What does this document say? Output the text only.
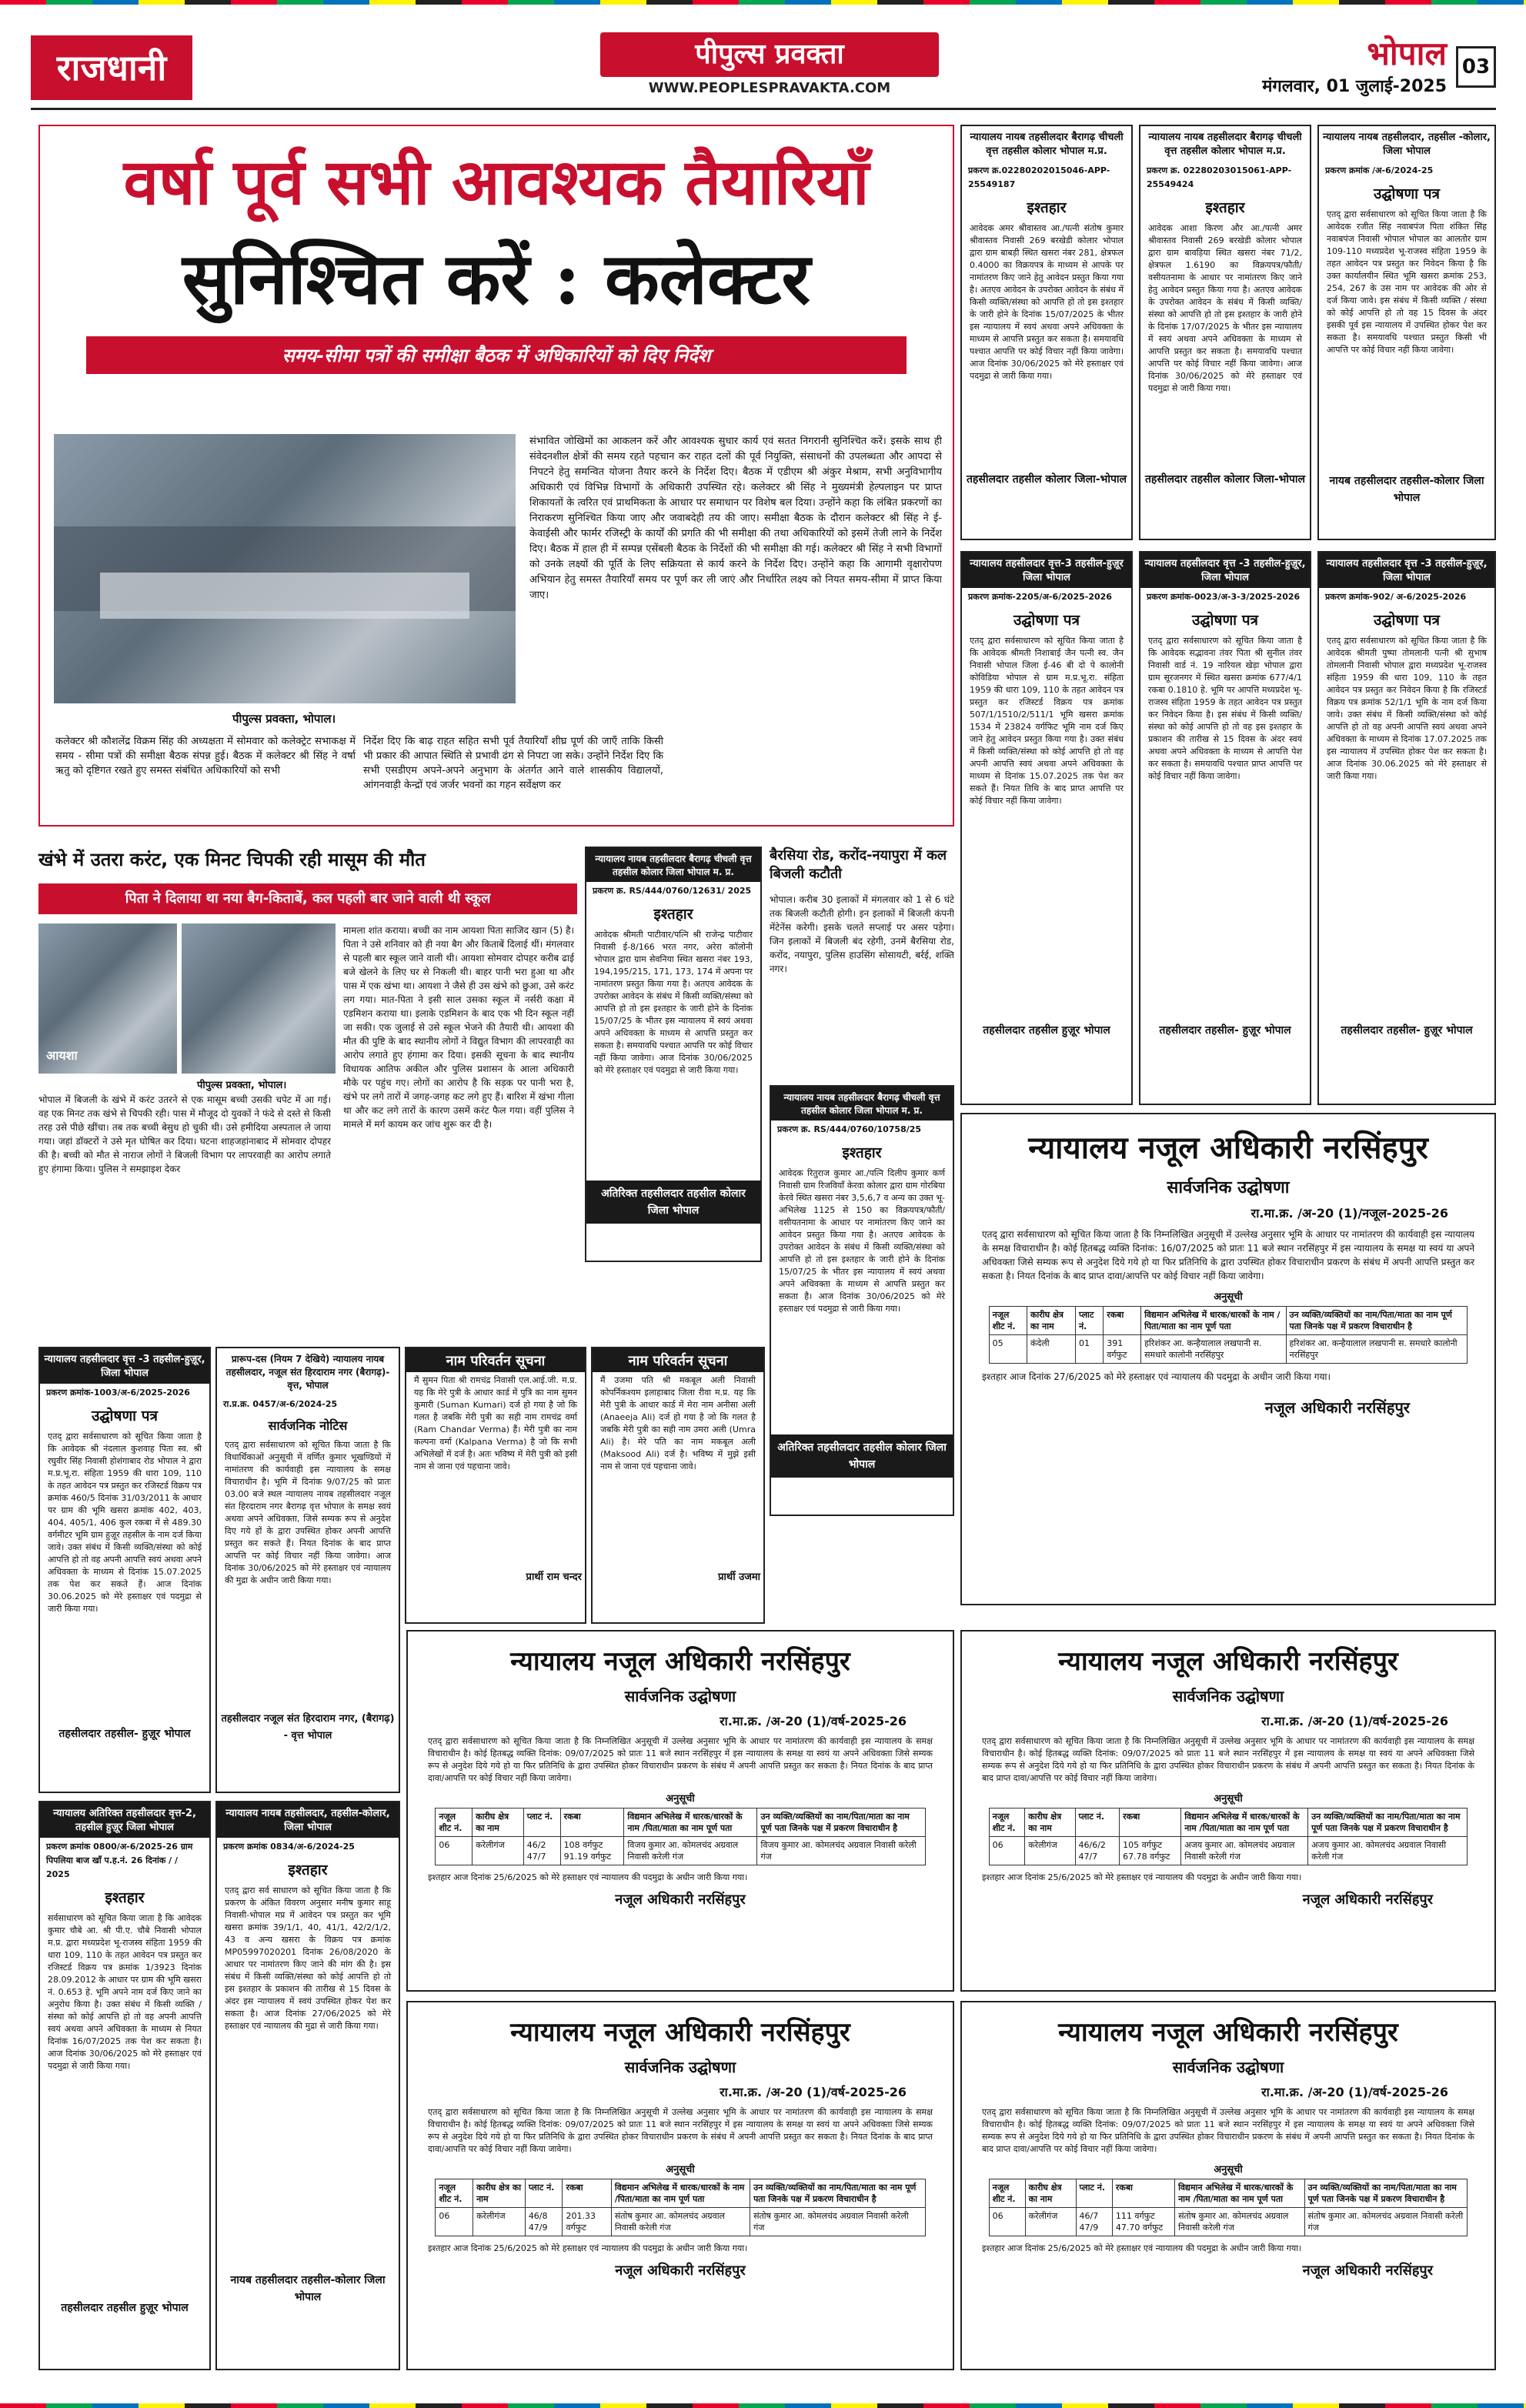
राजधानी	पीपुल्स प्रवक्ता
WWW.PEOPLESPRAVAKTA.COM
भोपाल
मंगलवार, 01 जुलाई-2025
03
वर्षा पूर्व सभी आवश्यक तैयारियाँ
सुनिश्चित करें : कलेक्टर
समय-सीमा पत्रों की समीक्षा बैठक में अधिकारियों को दिए निर्देश
पीपुल्स प्रवक्ता, भोपाल।
कलेक्टर श्री कौशलेंद्र विक्रम सिंह की अध्यक्षता में सोमवार को कलेक्ट्रेट सभाकक्ष में समय - सीमा पत्रों की समीक्षा बैठक संपन्न हुई। बैठक में कलेक्टर श्री सिंह ने वर्षा ऋतु को दृष्टिगत रखते हुए समस्त संबंधित अधिकारियों को सभी
निर्देश दिए कि बाढ़ राहत सहित सभी पूर्व तैयारियाँ शीघ्र पूर्ण की जाएँ ताकि किसी भी प्रकार की आपात स्थिति से प्रभावी ढंग से निपटा जा सके। उन्होंने निर्देश दिए कि सभी एसडीएम अपने-अपने अनुभाग के अंतर्गत आने वाले शासकीय विद्यालयों, आंगनवाड़ी केन्द्रों एवं जर्जर भवनों का गहन सर्वेक्षण कर
संभावित जोखिमों का आकलन करें और आवश्यक सुधार कार्य एवं सतत निगरानी सुनिश्चित करें। इसके साथ ही संवेदनशील क्षेत्रों की समय रहते पहचान कर राहत दलों की पूर्व नियुक्ति, संसाधनों की उपलब्धता और आपदा से निपटने हेतु समन्वित योजना तैयार करने के निर्देश दिए। बैठक में एडीएम श्री अंकुर मेश्राम, सभी अनुविभागीय अधिकारी एवं विभिन्न विभागों के अधिकारी उपस्थित रहे। कलेक्टर श्री सिंह ने मुख्यमंत्री हेल्पलाइन पर प्राप्त शिकायतों के त्वरित एवं प्राथमिकता के आधार पर समाधान पर विशेष बल दिया। उन्होंने कहा कि लंबित प्रकरणों का निराकरण सुनिश्चित किया जाए और जवाबदेही तय की जाए। समीक्षा बैठक के दौरान कलेक्टर श्री सिंह ने ई-केवाईसी और फार्मर रजिस्ट्री के कार्यों की प्रगति की भी समीक्षा की तथा अधिकारियों को इसमें तेजी लाने के निर्देश दिए। बैठक में हाल ही में सम्पन्न एसेंबली बैठक के निर्देशों की भी समीक्षा की गई। कलेक्टर श्री सिंह ने सभी विभागों को उनके लक्ष्यों की पूर्ति के लिए सक्रियता से कार्य करने के निर्देश दिए। उन्होंने कहा कि आगामी वृक्षारोपण अभियान हेतु समस्त तैयारियाँ समय पर पूर्ण कर ली जाएं और निर्धारित लक्ष्य को नियत समय-सीमा में प्राप्त किया जाए।
खंभे में उतरा करंट, एक मिनट चिपकी रही मासूम की मौत
पिता ने दिलाया था नया बैग-किताबें, कल पहली बार जाने वाली थी स्कूल
आयशा
पीपुल्स प्रवक्ता, भोपाल।
भोपाल में बिजली के खंभे में करंट उतरने से एक मासूम बच्ची उसकी चपेट में आ गई। वह एक मिनट तक खंभे से चिपकी रही। पास में मौजूद दो युवकों ने फंदे से दस्ते से किसी तरह उसे पीछे खींचा। तब तक बच्ची बेसुध हो चुकी थी। उसे हमीदिया अस्पताल ले जाया गया। जहां डॉक्टरों ने उसे मृत घोषित कर दिया। घटना शाहजहांनाबाद में सोमवार दोपहर की है। बच्ची को मौत से नाराज लोगों ने बिजली विभाग पर लापरवाही का आरोप लगाते हुए हंगामा किया। पुलिस ने समझाइश देकर
मामला शांत कराया। बच्ची का नाम आयशा पिता साजिद खान (5) है। पिता ने उसे शनिवार को ही नया बैग और किताबें दिलाई थीं। मंगलवार से पहली बार स्कूल जाने वाली थी। आयशा सोमवार दोपहर करीब ढाई बजे खेलने के लिए घर से निकली थी। बाहर पानी भरा हुआ था और पास में एक खंभा था। आयशा ने जैसे ही उस खंभे को छुआ, उसे करंट लग गया। मात-पिता ने इसी साल उसका स्कूल में नर्सरी कक्षा में एडमिशन कराया था। इलाके एडमिशन के बाद एक भी दिन स्कूल नहीं जा सकी। एक जुलाई से उसे स्कूल भेजने की तैयारी थी। आयशा की मौत की पुष्टि के बाद स्थानीय लोगों ने विद्युत विभाग की लापरवाही का आरोप लगाते हुए हंगामा कर दिया। इसकी सूचना के बाद स्थानीय विधायक आतिफ अकील और पुलिस प्रशासन के आला अधिकारी मौके पर पहुंच गए। लोगों का आरोप है कि सड़क पर पानी भरा है, खंभे पर लगे तारों में जगह-जगह कट लगे हुए हैं। बारिश में खंभा गीला था और कट लगे तारों के कारण उसमें करंट फैल गया। वहीं पुलिस ने मामले में मर्ग कायम कर जांच शुरू कर दी है।
बैरसिया रोड, करोंद-नयापुरा में कल बिजली कटौती
भोपाल। करीब 30 इलाकों में मंगलवार को 1 से 6 घंटे तक बिजली कटौती होगी। इन इलाकों में बिजली कंपनी मेंटेनेंस करेगी। इसके चलते सप्लाई पर असर पड़ेगा। जिन इलाकों में बिजली बंद रहेगी, उनमें बैरसिया रोड, करोंद, नयापुरा, पुलिस हाउसिंग सोसायटी, बर्रई, शक्ति नगर।
न्यायालय नायब तहसीलदार बैरागढ़ चीचली वृत्त तहसील कोलार भोपाल म.प्र.
प्रकरण क्र.02280202015046-APP-25549187
इश्तहार
आवेदक अमर श्रीवास्तव आ./पत्नी संतोष कुमार श्रीवास्तव निवासी 269 बरखेडी कोलार भोपाल द्वारा ग्राम बाबड़ी स्थित खसरा नंबर 281, क्षेत्रफल 0.4000 का विक्रयपत्र के माध्यम से आपके पर नामांतरण किए जाने हेतु आवेदन प्रस्तुत किया गया है। अतएव आवेदन के उपरोक्त आवेदन के संबंध में किसी व्यक्ति/संस्था को आपत्ति हो तो इस इश्तहार के जारी होने के दिनांक 15/07/2025 के भीतर इस न्यायालय में स्वयं अथवा अपने अधिवक्ता के माध्यम से आपत्ति प्रस्तुत कर सकता है। समयावधि पश्चात आपत्ति पर कोई विचार नहीं किया जावेगा। आज दिनांक 30/06/2025 को मेरे हस्ताक्षर एवं पदमुद्रा से जारी किया गया।
तहसीलदार तहसील कोलार जिला-भोपाल
न्यायालय नायब तहसीलदार बैरागढ़ चीचली वृत्त तहसील कोलार भोपाल म.प्र.
प्रकरण क्र. 02280203015061-APP-25549424
इश्तहार
आवेदक आशा किरण और आ./पत्नी अमर श्रीवास्तव निवासी 269 बरखेडी कोलार भोपाल द्वारा ग्राम बावड़िया स्थित खसरा नंबर 71/2, क्षेत्रफल 1.6190 का विक्रयपत्र/फौती/वसीयतनामा के आधार पर नामांतरण किए जाने हेतु आवेदन प्रस्तुत किया गया है। अतएव आवेदक के उपरोक्त आवेदन के संबंध में किसी व्यक्ति/संस्था को आपत्ति हो तो इस इश्तहार के जारी होने के दिनांक 17/07/2025 के भीतर इस न्यायालय में स्वयं अथवा अपने अधिवक्ता के माध्यम से आपत्ति प्रस्तुत कर सकता है। समयावधि पश्चात आपत्ति पर कोई विचार नहीं किया जावेगा। आज दिनांक 30/06/2025 को मेरे हस्ताक्षर एवं पदमुद्रा से जारी किया गया।
तहसीलदार तहसील कोलार जिला-भोपाल
न्यायालय नायब तहसीलदार, तहसील -कोलार, जिला भोपाल
प्रकरण क्रमांक /अ-6/2024-25
उद्घोषणा पत्र
एतद् द्वारा सर्वसाधारण को सूचित किया जाता है कि आवेदक रजीत सिंह नवाबपंज पिता शंकित सिंह नवाबपंज निवासी भोपाल भोपाल का आलतोर ग्राम 109-110 मध्यप्रदेश भू-राजस्व संहिता 1959 के तहत आवेदन पत्र प्रस्तुत कर निवेदन किया है कि उक्त कार्यालयीन स्थित भूमि खसरा क्रमांक 253, 254, 267 के उस नाम पर आवेदक की ओर से दर्ज किया जावे। इस संबंध में किसी व्यक्ति / संस्था को कोई आपत्ति हो तो वह 15 दिवस के अंदर इसकी पूर्व इस न्यायालय में उपस्थित होकर पेश कर सकता है। समयावधि पश्चात प्रस्तुत किसी भी आपत्ति पर कोई विचार नहीं किया जावेगा।
नायब तहसीलदार तहसील-कोलार जिला भोपाल
न्यायालय तहसीलदार वृत्त-3 तहसील-हुज़ूर जिला भोपाल
प्रकरण क्रमांक-2205/अ-6/2025-2026
उद्घोषणा पत्र
एतद् द्वारा सर्वसाधारण को सूचित किया जाता है कि आवेदक श्रीमती निशाबाई जैन पत्नी स्व. जैन निवासी भोपाल जिला ई-46 बी दो पे कालोनी कोविडिया भोपाल से ग्राम म.प्र.भू.रा. संहिता 1959 की धारा 109, 110 के तहत आवेदन पत्र प्रस्तुत कर रजिस्टर्ड विक्रय पत्र क्रमांक 507/1/1510/2/511/1 भूमि खसरा क्रमांक 1534 में 23824 वर्गफिट भूमि नाम दर्ज किए जाने हेतु आवेदन प्रस्तुत किया गया है। उक्त संबंध में किसी व्यक्ति/संस्था को कोई आपत्ति हो तो वह अपनी आपत्ति स्वयं अथवा अपने अधिवक्ता के माध्यम से दिनांक 15.07.2025 तक पेश कर सकते हैं। नियत तिथि के बाद प्राप्त आपत्ति पर कोई विचार नहीं किया जावेगा।
तहसीलदार तहसील हुज़ूर भोपाल
न्यायालय तहसीलदार वृत्त -3 तहसील-हुज़ूर, जिला भोपाल
प्रकरण क्रमांक-0023/अ-3-3/2025-2026
उद्घोषणा पत्र
एतद् द्वारा सर्वसाधारण को सूचित किया जाता है कि आवेदक सद्भावना तंवर पिता श्री सुनील तंवर निवासी वार्ड नं. 19 नारियल खेड़ा भोपाल द्वारा ग्राम सूरजनगर में स्थित खसरा क्रमांक 677/4/1 रकबा 0.1810 हे. भूमि पर आपत्ति मध्यप्रदेश भू-राजस्व संहिता 1959 के तहत आवेदन पत्र प्रस्तुत कर निवेदन किया है। इस संबंध में किसी व्यक्ति/संस्था को कोई आपत्ति हो तो वह इस इश्तहार के प्रकाशन की तारीख से 15 दिवस के अंदर स्वयं अथवा अपने अधिवक्ता के माध्यम से आपत्ति पेश कर सकता है। समयावधि पश्चात प्राप्त आपत्ति पर कोई विचार नहीं किया जावेगा।
तहसीलदार तहसील- हुज़ूर भोपाल
न्यायालय तहसीलदार वृत्त -3 तहसील-हुज़ूर, जिला भोपाल
प्रकरण क्रमांक-902/ अ-6/2025-2026
उद्घोषणा पत्र
एतद् द्वारा सर्वसाधारण को सूचित किया जाता है कि आवेदक श्रीमती पुष्पा तोमलानी पत्नी श्री सुभाष तोमलानी निवासी भोपाल द्वारा मध्यप्रदेश भू-राजस्व संहिता 1959 की धारा 109, 110 के तहत आवेदन पत्र प्रस्तुत कर निवेदन किया है कि रजिस्टर्ड विक्रय पत्र क्रमांक 52/1/1 भूमि के नाम दर्ज किया जावे। उक्त संबंध में किसी व्यक्ति/संस्था को कोई आपत्ति हो तो वह अपनी आपत्ति स्वयं अथवा अपने अधिवक्ता के माध्यम से दिनांक 17.07.2025 तक इस न्यायालय में उपस्थित होकर पेश कर सकता है। आज दिनांक 30.06.2025 को मेरे हस्ताक्षर से जारी किया गया।
तहसीलदार तहसील- हुज़ूर भोपाल
न्यायालय नायब तहसीलदार बैरागढ़ चीचली वृत्त तहसील कोलार जिला भोपाल म. प्र.
प्रकरण क्र. RS/444/0760/12631/ 2025
इश्तहार
आवेदक श्रीमती पाटीवार/पत्नि श्री राजेन्द्र पाटीवार निवासी ई-8/166 भरत नगर, अरेरा कॉलोनी भोपाल द्वारा ग्राम सेवनिया स्थित खसरा नंबर 193, 194,195/215, 171, 173, 174 में अपना पर नामांतरण प्रस्तुत किया गया है। अतएव आवेदक के उपरोक्त आवेदन के संबंध में किसी व्यक्ति/संस्था को आपत्ति हो तो इस इश्तहार के जारी होने के दिनांक 15/07/25 के भीतर इस न्यायालय में स्वयं अथवा अपने अधिवक्ता के माध्यम से आपत्ति प्रस्तुत कर सकता है। समयावधि पश्चात आपत्ति पर कोई विचार नहीं किया जावेगा। आज दिनांक 30/06/2025 को मेरे हस्ताक्षर एवं पदमुद्रा से जारी किया गया।
अतिरिक्त तहसीलदार तहसील कोलार जिला भोपाल
न्यायालय नायब तहसीलदार बैरागढ़ चीचली वृत्त तहसील कोलार जिला भोपाल म. प्र.
प्रकरण क्र. RS/444/0760/10758/25
इश्तहार
आवेदक रितुराज कुमार आ./पत्नि दिलीप कुमार कर्ण निवासी ग्राम रिजवियाँ केरवा कोलार द्वारा ग्राम गोरबिया केरवे स्थित खसरा नंबर 3,5,6,7 व अन्य का उक्त भू-अभिलेख 1125 से 150 का विक्रयपत्र/फौती/वसीयतनामा के आधार पर नामांतरण किए जाने का आवेदन प्रस्तुत किया गया है। अतएव आवेदक के उपरोक्त आवेदन के संबंध में किसी व्यक्ति/संस्था को आपत्ति हो तो इस इश्तहार के जारी होने के दिनांक 15/07/25 के भीतर इस न्यायालय में स्वयं अथवा अपने अधिवक्ता के माध्यम से आपत्ति प्रस्तुत कर सकता है। आज दिनांक 30/06/2025 को मेरे हस्ताक्षर एवं पदमुद्रा से जारी किया गया।
अतिरिक्त तहसीलदार तहसील कोलार जिला भोपाल
न्यायालय तहसीलदार वृत्त -3 तहसील-हुज़ूर, जिला भोपाल
प्रकरण क्रमांक-1003/अ-6/2025-2026
उद्घोषणा पत्र
एतद् द्वारा सर्वसाधारण को सूचित किया जाता है कि आवेदक श्री नंदलाल कुशवाह पिता स्व. श्री रघुवीर सिंह निवासी होशंगाबाद रोड भोपाल ने द्वारा म.प्र.भू.रा. संहिता 1959 की धारा 109, 110 के तहत आवेदन पत्र प्रस्तुत कर रजिस्टर्ड विक्रय पत्र क्रमांक 460/5 दिनांक 31/03/2011 के आधार पर ग्राम की भूमि खसरा क्रमांक 402, 403, 404, 405/1, 406 कुल रकबा में से 489.30 वर्गमीटर भूमि ग्राम हुज़ूर तहसील के नाम दर्ज किया जावे। उक्त संबंध में किसी व्यक्ति/संस्था को कोई आपत्ति हो तो वह अपनी आपत्ति स्वयं अथवा अपने अधिवक्ता के माध्यम से दिनांक 15.07.2025 तक पेश कर सकते हैं। आज दिनांक 30.06.2025 को मेरे हस्ताक्षर एवं पदमुद्रा से जारी किया गया।
तहसीलदार तहसील- हुज़ूर भोपाल
प्रारूप-दस (नियम 7 देखिये) न्यायालय नायब तहसीलदार, नजूल संत हिरदाराम नगर (बैरागढ़)- वृत्त, भोपाल
रा.प्र.क्र. 0457/अ-6/2024-25
सार्वजनिक नोटिस
एतद् द्वारा सर्वसाधारण को सूचित किया जाता है कि विधार्थिकाओं अनुसूची में वर्णित कुमार भूखण्डियों में नामांतरण की कार्यवाही इस न्यायालय के समक्ष विचाराधीन है। भूमि में दिनांक 9/07/25 को प्रातः 03.00 बजे स्थल न्यायालय नायब तहसीलदार नजूल संत हिरदाराम नगर बैरागढ़ वृत्त भोपाल के समक्ष स्वयं अथवा अपने अधिवक्ता, जिसे सम्यक रूप से अनुदेश दिए गये हों के द्वारा उपस्थित होकर अपनी आपत्ति प्रस्तुत कर सकते हैं। नियत दिनांक के बाद प्राप्त आपत्ति पर कोई विचार नहीं किया जावेगा। आज दिनांक 30/06/2025 को मेरे हस्ताक्षर एवं न्यायालय की मुद्रा के अधीन जारी किया गया।
तहसीलदार नजूल संत हिरदाराम नगर, (बैरागढ़) - वृत्त भोपाल
नाम परिवर्तन सूचना
मैं सुमन पिता श्री रामचंद्र निवासी एल.आई.जी. म.प्र. यह कि मेरे पुत्री के आधार कार्ड में पुत्रि का नाम सुमन कुमारी (Suman Kumari) दर्ज हो गया है जो कि गलत है जबकि मेरी पुत्री का सही नाम रामचंद्र वर्मा (Ram Chandar Verma) हैं। मेरी पुत्री का नाम कल्पना वर्मा (Kalpana Verma) है जो कि सभी अभिलेखों में दर्ज है। अतः भविष्य में मेरी पुत्री को इसी नाम से जाना एवं पहचाना जावे।
प्रार्थी राम चन्दर
नाम परिवर्तन सूचना
मैं उजमा पति श्री मकबूल अली निवासी कोपर्निकश्यम इलाहाबाद जिला रीवा म.प्र. यह कि मेरी पुत्री के आधार कार्ड में मेरा नाम अनीसा अली (Anaeeja Ali) दर्ज हो गया है जो कि गलत है जबकि मेरी पुत्री का सही नाम उमरा अली (Umra Ali) है। मेरे पति का नाम मकबूल अली (Maksood Ali) दर्ज है। भविष्य में मुझे इसी नाम से जाना एवं पहचाना जावे।
प्रार्थी उजमा
न्यायालय अतिरिक्त तहसीलदार वृत्त-2, तहसील हुज़ूर जिला भोपाल
प्रकरण क्रमांक 0800/अ-6/2025-26 ग्राम पिपलिया बाज खाँ प.ह.नं. 26 दिनांक / / 2025
इश्तहार
सर्वसाधारण को सूचित किया जाता है कि आवेदक कुमार चौबे आ. श्री पी.ए. चौबे निवासी भोपाल म.प्र. द्वारा मध्यप्रदेश भू-राजस्व संहिता 1959 की धारा 109, 110 के तहत आवेदन पत्र प्रस्तुत कर रजिस्टर्ड विक्रय पत्र क्रमांक 1/3923 दिनांक 28.09.2012 के आधार पर ग्राम की भूमि खसरा नं. 0.653 हे. भूमि अपने नाम दर्ज किए जाने का अनुरोध किया है। उक्त संबंध में किसी व्यक्ति / संस्था को कोई आपत्ति हो तो वह अपनी आपत्ति स्वयं अथवा अपने अधिवक्ता के माध्यम से नियत दिनांक 16/07/2025 तक पेश कर सकता है। आज दिनांक 30/06/2025 को मेरे हस्ताक्षर एवं पदमुद्रा से जारी किया गया।
तहसीलदार तहसील हुज़ूर भोपाल
न्यायालय नायब तहसीलदार, तहसील-कोलार, जिला भोपाल
प्रकरण क्रमांक 0834/अ-6/2024-25
इश्तहार
एतद् द्वारा सर्व साधारण को सूचित किया जाता है कि प्रकरण के अंकित विवरण अनुसार मनीष कुमार साहू निवासी-भोपाल मप्र में आवेदन पत्र प्रस्तुत कर भूमि खसरा क्रमांक 39/1/1, 40, 41/1, 42/2/1/2, 43 व अन्य खसरा के विक्रय पत्र क्रमांक MP05997020201 दिनांक 26/08/2020 के आधार पर नामांतरण किए जाने की मांग की है। इस संबंध में किसी व्यक्ति/संस्था को कोई आपत्ति हो तो इस इश्तहार के प्रकाशन की तारीख से 15 दिवस के अंदर इस न्यायालय में स्वयं उपस्थित होकर पेश कर सकता है। आज दिनांक 27/06/2025 को मेरे हस्ताक्षर एवं न्यायालय की मुद्रा से जारी किया गया।
नायब तहसीलदार तहसील-कोलार जिला भोपाल
न्यायालय नजूल अधिकारी नरसिंहपुर
सार्वजनिक उद्घोषणा
रा.मा.क्र. /अ-20 (1)/नजूल-2025-26
एतद् द्वारा सर्वसाधारण को सूचित किया जाता है कि निम्नलिखित अनुसूची में उल्लेख अनुसार भूमि के आधार पर नामांतरण की कार्यवाही इस न्यायालय के समक्ष विचाराधीन है। कोई हितबद्ध व्यक्ति दिनांक: 16/07/2025 को प्रातः 11 बजे स्थान नरसिंहपुर में इस न्यायालय के समक्ष या स्वयं या अपने अधिवक्ता जिसे सम्यक रूप से अनुदेश दिये गये हो या फिर प्रतिनिधि के द्वारा उपस्थित होकर विचाराधीन प्रकरण के संबंध में अपनी आपत्ति प्रस्तुत कर सकता है। नियत दिनांक के बाद प्राप्त दावा/आपत्ति पर कोई विचार नहीं किया जावेगा।
अनुसूची
नजूल शीट नं.	कारीघ क्षेत्र का नाम	प्लाट नं.	रकबा	विद्यमान अभिलेख में धारक/धारकों के नाम /पिता/माता का नाम पूर्ण पता	उन व्यक्ति/व्यक्तियों का नाम/पिता/माता का नाम पूर्ण पता जिनके पक्ष में प्रकरण विचाराधीन है
05	कंदेली	01	391 वर्गफुट	हरिशंकर आ. कन्हैयालाल लखपानी स. समधारे कालोनी नरसिंहपुर	हरिशंकर आ. कन्हैयालाल लखपानी स. समधारे कालोनी नरसिंहपुर
इश्तहार आज दिनांक 27/6/2025 को मेरे हस्ताक्षर एवं न्यायालय की पदमुद्रा के अधीन जारी किया गया।
नजूल अधिकारी नरसिंहपुर
न्यायालय नजूल अधिकारी नरसिंहपुर
सार्वजनिक उद्घोषणा
रा.मा.क्र. /अ-20 (1)/वर्ष-2025-26
एतद् द्वारा सर्वसाधारण को सूचित किया जाता है कि निम्नलिखित अनुसूची में उल्लेख अनुसार भूमि के आधार पर नामांतरण की कार्यवाही इस न्यायालय के समक्ष विचाराधीन है। कोई हितबद्ध व्यक्ति दिनांक: 09/07/2025 को प्रातः 11 बजे स्थान नरसिंहपुर में इस न्यायालय के समक्ष या स्वयं या अपने अधिवक्ता जिसे सम्यक रूप से अनुदेश दिये गये हो या फिर प्रतिनिधि के द्वारा उपस्थित होकर विचाराधीन प्रकरण के संबंध में अपनी आपत्ति प्रस्तुत कर सकता है। नियत दिनांक के बाद प्राप्त दावा/आपत्ति पर कोई विचार नहीं किया जावेगा।
अनुसूची
नजूल शीट नं.	कारीघ क्षेत्र का नाम	प्लाट नं.	रकबा	विद्यमान अभिलेख में धारक/धारकों के नाम /पिता/माता का नाम पूर्ण पता	उन व्यक्ति/व्यक्तियों का नाम/पिता/माता का नाम पूर्ण पता जिनके पक्ष में प्रकरण विचाराधीन है
06	करेलीगंज	46/2 47/7	108 वर्गफुट 91.19 वर्गफुट	विजय कुमार आ. कोमलचंद अग्रवाल निवासी करेली गंज	विजय कुमार आ. कोमलचंद अग्रवाल निवासी करेली गंज
इश्तहार आज दिनांक 25/6/2025 को मेरे हस्ताक्षर एवं न्यायालय की पदमुद्रा के अधीन जारी किया गया।
नजूल अधिकारी नरसिंहपुर
न्यायालय नजूल अधिकारी नरसिंहपुर
सार्वजनिक उद्घोषणा
रा.मा.क्र. /अ-20 (1)/वर्ष-2025-26
एतद् द्वारा सर्वसाधारण को सूचित किया जाता है कि निम्नलिखित अनुसूची में उल्लेख अनुसार भूमि के आधार पर नामांतरण की कार्यवाही इस न्यायालय के समक्ष विचाराधीन है। कोई हितबद्ध व्यक्ति दिनांक: 09/07/2025 को प्रातः 11 बजे स्थान नरसिंहपुर में इस न्यायालय के समक्ष या स्वयं या अपने अधिवक्ता जिसे सम्यक रूप से अनुदेश दिये गये हो या फिर प्रतिनिधि के द्वारा उपस्थित होकर विचाराधीन प्रकरण के संबंध में अपनी आपत्ति प्रस्तुत कर सकता है। नियत दिनांक के बाद प्राप्त दावा/आपत्ति पर कोई विचार नहीं किया जावेगा।
अनुसूची
नजूल शीट नं.	कारीघ क्षेत्र का नाम	प्लाट नं.	रकबा	विद्यमान अभिलेख में धारक/धारकों के नाम /पिता/माता का नाम पूर्ण पता	उन व्यक्ति/व्यक्तियों का नाम/पिता/माता का नाम पूर्ण पता जिनके पक्ष में प्रकरण विचाराधीन है
06	करेलीगंज	46/6/2 47/7	105 वर्गफुट 67.78 वर्गफुट	अजय कुमार आ. कोमलचंद अग्रवाल निवासी करेली गंज	अजय कुमार आ. कोमलचंद अग्रवाल निवासी करेली गंज
इश्तहार आज दिनांक 25/6/2025 को मेरे हस्ताक्षर एवं न्यायालय की पदमुद्रा के अधीन जारी किया गया।
नजूल अधिकारी नरसिंहपुर
न्यायालय नजूल अधिकारी नरसिंहपुर
सार्वजनिक उद्घोषणा
रा.मा.क्र. /अ-20 (1)/वर्ष-2025-26
एतद् द्वारा सर्वसाधारण को सूचित किया जाता है कि निम्नलिखित अनुसूची में उल्लेख अनुसार भूमि के आधार पर नामांतरण की कार्यवाही इस न्यायालय के समक्ष विचाराधीन है। कोई हितबद्ध व्यक्ति दिनांक: 09/07/2025 को प्रातः 11 बजे स्थान नरसिंहपुर में इस न्यायालय के समक्ष या स्वयं या अपने अधिवक्ता जिसे सम्यक रूप से अनुदेश दिये गये हो या फिर प्रतिनिधि के द्वारा उपस्थित होकर विचाराधीन प्रकरण के संबंध में अपनी आपत्ति प्रस्तुत कर सकता है। नियत दिनांक के बाद प्राप्त दावा/आपत्ति पर कोई विचार नहीं किया जावेगा।
अनुसूची
नजूल शीट नं.	कारीघ क्षेत्र का नाम	प्लाट नं.	रकबा	विद्यमान अभिलेख में धारक/धारकों के नाम /पिता/माता का नाम पूर्ण पता	उन व्यक्ति/व्यक्तियों का नाम/पिता/माता का नाम पूर्ण पता जिनके पक्ष में प्रकरण विचाराधीन है
06	करेलीगंज	46/8 47/9	201.33 वर्गफुट	संतोष कुमार आ. कोमलचंद अग्रवाल निवासी करेली गंज	संतोष कुमार आ. कोमलचंद अग्रवाल निवासी करेली गंज
इश्तहार आज दिनांक 25/6/2025 को मेरे हस्ताक्षर एवं न्यायालय की पदमुद्रा के अधीन जारी किया गया।
नजूल अधिकारी नरसिंहपुर
न्यायालय नजूल अधिकारी नरसिंहपुर
सार्वजनिक उद्घोषणा
रा.मा.क्र. /अ-20 (1)/वर्ष-2025-26
एतद् द्वारा सर्वसाधारण को सूचित किया जाता है कि निम्नलिखित अनुसूची में उल्लेख अनुसार भूमि के आधार पर नामांतरण की कार्यवाही इस न्यायालय के समक्ष विचाराधीन है। कोई हितबद्ध व्यक्ति दिनांक: 09/07/2025 को प्रातः 11 बजे स्थान नरसिंहपुर में इस न्यायालय के समक्ष या स्वयं या अपने अधिवक्ता जिसे सम्यक रूप से अनुदेश दिये गये हो या फिर प्रतिनिधि के द्वारा उपस्थित होकर विचाराधीन प्रकरण के संबंध में अपनी आपत्ति प्रस्तुत कर सकता है। नियत दिनांक के बाद प्राप्त दावा/आपत्ति पर कोई विचार नहीं किया जावेगा।
अनुसूची
नजूल शीट नं.	कारीघ क्षेत्र का नाम	प्लाट नं.	रकबा	विद्यमान अभिलेख में धारक/धारकों के नाम /पिता/माता का नाम पूर्ण पता	उन व्यक्ति/व्यक्तियों का नाम/पिता/माता का नाम पूर्ण पता जिनके पक्ष में प्रकरण विचाराधीन है
06	करेलीगंज	46/7 47/9	111 वर्गफुट 47.70 वर्गफुट	संतोष कुमार आ. कोमलचंद अग्रवाल निवासी करेली गंज	संतोष कुमार आ. कोमलचंद अग्रवाल निवासी करेली गंज
इश्तहार आज दिनांक 25/6/2025 को मेरे हस्ताक्षर एवं न्यायालय की पदमुद्रा के अधीन जारी किया गया।
नजूल अधिकारी नरसिंहपुर
